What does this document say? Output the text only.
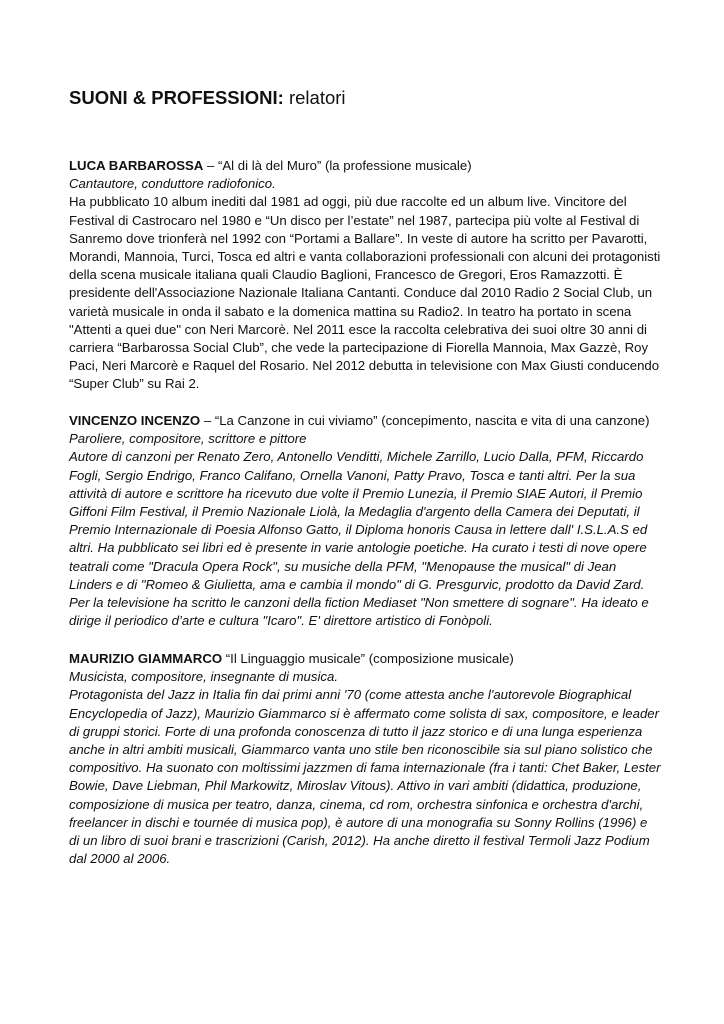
SUONI & PROFESSIONI: relatori

LUCA BARBAROSSA – “Al di là del Muro” (la professione musicale)

Cantautore, conduttore radiofonico.

Ha pubblicato 10 album inediti dal 1981 ad oggi, più due raccolte ed un album live. Vincitore del Festival di Castrocaro nel 1980 e “Un disco per l’estate” nel 1987, partecipa più volte al Festival di Sanremo dove trionferà nel 1992 con “Portami a Ballare”. In veste di autore ha scritto per Pavarotti, Morandi, Mannoia, Turci, Tosca ed altri e vanta collaborazioni professionali con alcuni dei protagonisti della scena musicale italiana quali Claudio Baglioni, Francesco de Gregori, Eros Ramazzotti. È presidente dell'Associazione Nazionale Italiana Cantanti. Conduce dal 2010 Radio 2 Social Club, un varietà musicale in onda il sabato e la domenica mattina su Radio2. In teatro ha portato in scena "Attenti a quei due" con Neri Marcorè. Nel 2011 esce la raccolta celebrativa dei suoi oltre 30 anni di carriera “Barbarossa Social Club”, che vede la partecipazione di Fiorella Mannoia, Max Gazzè, Roy Paci, Neri Marcorè e Raquel del Rosario. Nel 2012 debutta in televisione con Max Giusti conducendo “Super Club” su Rai 2.

VINCENZO INCENZO – “La Canzone in cui viviamo” (concepimento, nascita e vita di una canzone)

Paroliere, compositore, scrittore e pittore

Autore di canzoni per Renato Zero, Antonello Venditti, Michele Zarrillo, Lucio Dalla, PFM, Riccardo Fogli, Sergio Endrigo, Franco Califano, Ornella Vanoni, Patty Pravo, Tosca e tanti altri. Per la sua attività di autore e scrittore ha ricevuto due volte il Premio Lunezia, il Premio SIAE Autori, il Premio Giffoni Film Festival, il Premio Nazionale Liolà, la Medaglia d'argento della Camera dei Deputati, il Premio Internazionale di Poesia Alfonso Gatto, il Diploma honoris Causa in lettere dall' I.S.L.A.S ed altri. Ha pubblicato sei libri ed è presente in varie antologie poetiche. Ha curato i testi di nove opere teatrali come "Dracula Opera Rock", su musiche della PFM, "Menopause the musical" di Jean Linders e di "Romeo & Giulietta, ama e cambia il mondo" di G. Presgurvic, prodotto da David Zard. Per la televisione ha scritto le canzoni della fiction Mediaset "Non smettere di sognare". Ha ideato e dirige il periodico d’arte e cultura "Icaro". E' direttore artistico di Fonòpoli.

MAURIZIO GIAMMARCO “Il Linguaggio musicale” (composizione musicale)

Musicista, compositore, insegnante di musica.

Protagonista del Jazz in Italia fin dai primi anni '70 (come attesta anche l'autorevole Biographical Encyclopedia of Jazz), Maurizio Giammarco si è affermato come solista di sax, compositore, e leader di gruppi storici. Forte di una profonda conoscenza di tutto il jazz storico e di una lunga esperienza anche in altri ambiti musicali, Giammarco vanta uno stile ben riconoscibile sia sul piano solistico che compositivo. Ha suonato con moltissimi jazzmen di fama internazionale (fra i tanti: Chet Baker, Lester Bowie, Dave Liebman, Phil Markowitz, Miroslav Vitous). Attivo in vari ambiti (didattica, produzione, composizione di musica per teatro, danza, cinema, cd rom, orchestra sinfonica e orchestra d'archi, freelancer in dischi e tournée di musica pop), è autore di una monografia su Sonny Rollins (1996) e di un libro di suoi brani e trascrizioni (Carish, 2012). Ha anche diretto il festival Termoli Jazz Podium dal 2000 al 2006.
